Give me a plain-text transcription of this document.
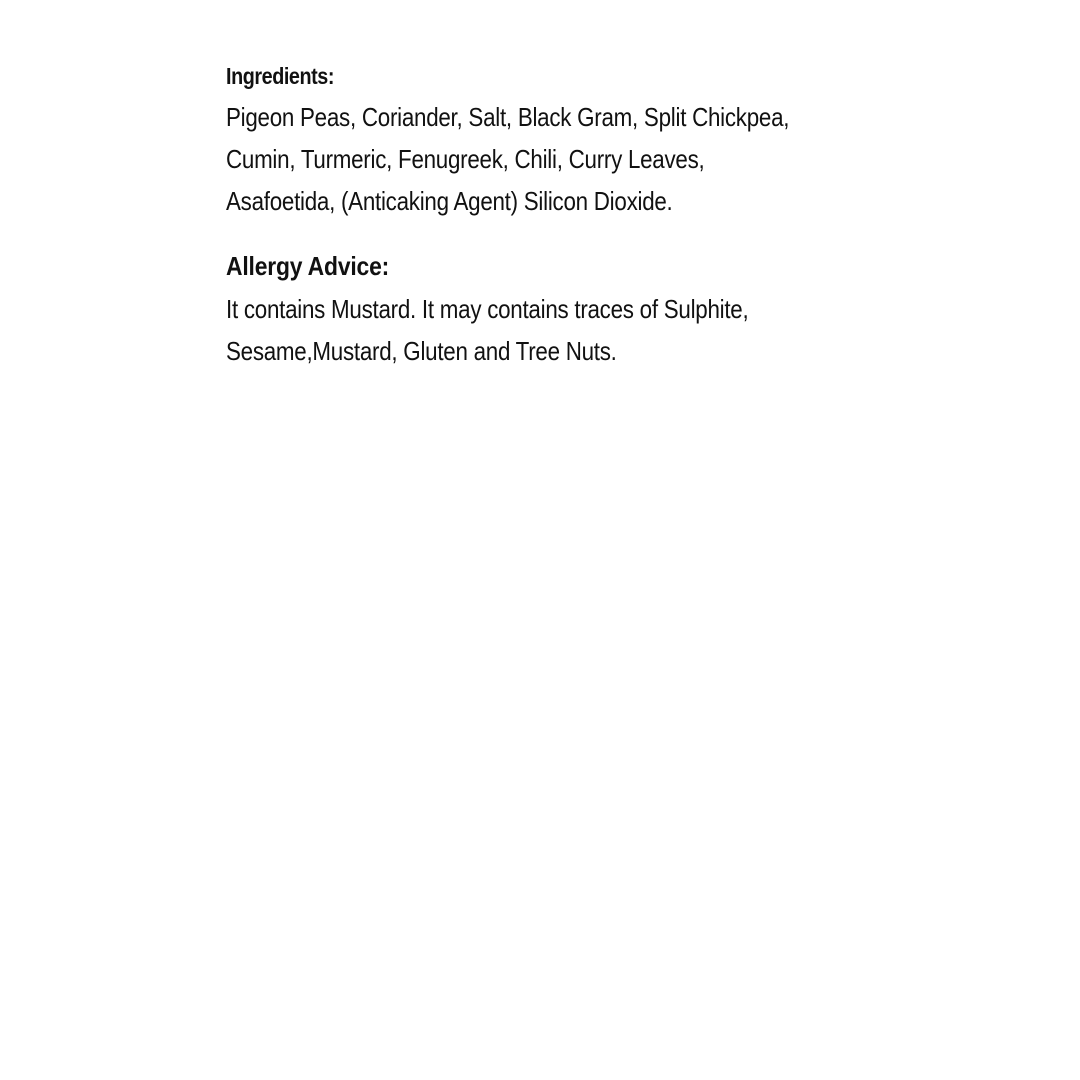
Ingredients:
Pigeon Peas, Coriander, Salt, Black Gram, Split Chickpea,
Cumin, Turmeric, Fenugreek, Chili, Curry Leaves,
Asafoetida, (Anticaking Agent) Silicon Dioxide.
Allergy Advice:
It contains Mustard. It may contains traces of Sulphite,
Sesame,Mustard, Gluten and Tree Nuts.
